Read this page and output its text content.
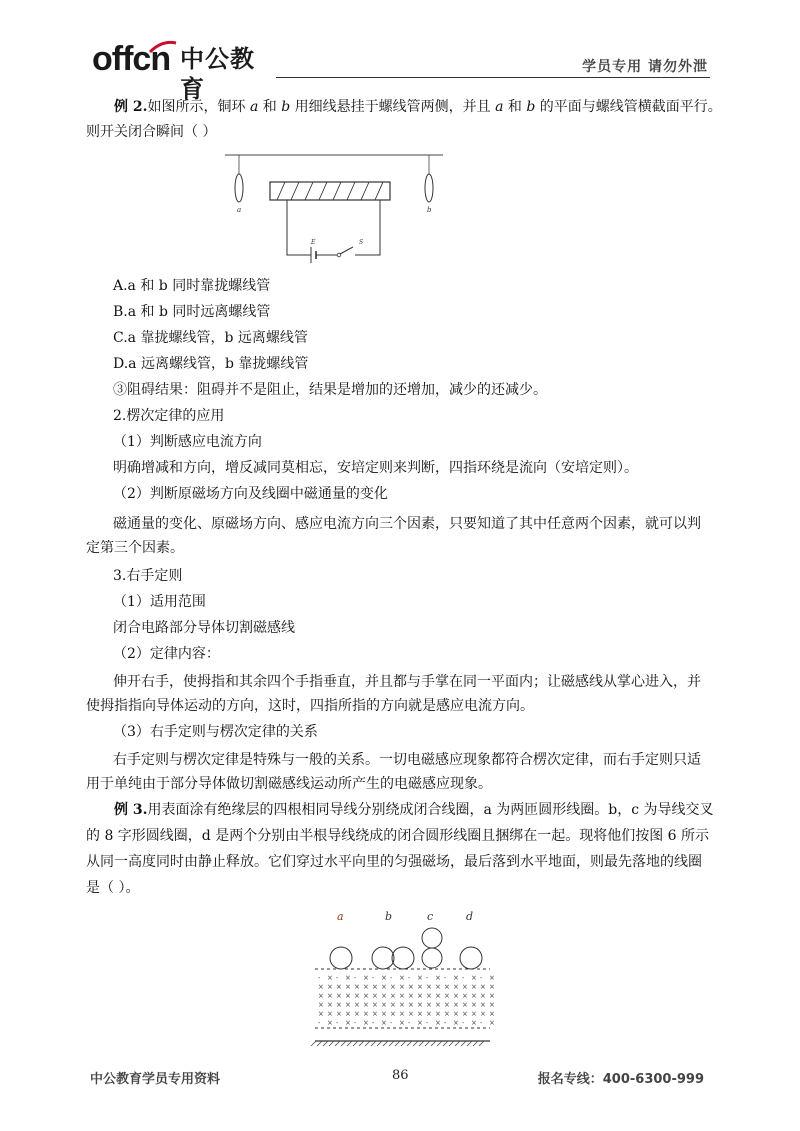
offcn 中公教育
学员专用 请勿外泄
例 2.如图所示，铜环 a 和 b 用细线悬挂于螺线管两侧，并且 a 和 b 的平面与螺线管横截面平行。
则开关闭合瞬间（ ）
a	b
E	S
A.a 和 b 同时靠拢螺线管
B.a 和 b 同时远离螺线管
C.a 靠拢螺线管，b 远离螺线管
D.a 远离螺线管，b 靠拢螺线管
③阻碍结果：阻碍并不是阻止，结果是增加的还增加，减少的还减少。
2.楞次定律的应用
（1）判断感应电流方向
明确增减和方向，增反减同莫相忘，安培定则来判断，四指环绕是流向（安培定则）。
（2）判断原磁场方向及线圈中磁通量的变化
磁通量的变化、原磁场方向、感应电流方向三个因素，只要知道了其中任意两个因素，就可以判
定第三个因素。
3.右手定则
（1）适用范围
闭合电路部分导体切割磁感线
（2）定律内容：
伸开右手，使拇指和其余四个手指垂直，并且都与手掌在同一平面内；让磁感线从掌心进入，并
使拇指指向导体运动的方向，这时，四指所指的方向就是感应电流方向。
（3）右手定则与楞次定律的关系
右手定则与楞次定律是特殊与一般的关系。一切电磁感应现象都符合楞次定律，而右手定则只适
用于单纯由于部分导体做切割磁感线运动所产生的电磁感应现象。
例 3.用表面涂有绝缘层的四根相同导线分别绕成闭合线圈，a 为两匝圆形线圈。b，c 为导线交叉
的 8 字形圆线圈，d 是两个分别由半根导线绕成的闭合圆形线圈且捆绑在一起。现将他们按图 6 所示
从同一高度同时由静止释放。它们穿过水平向里的匀强磁场，最后落到水平地面，则最先落地的线圈
是（ ）。
a	b	c	d
- × - × - × - × - × - × - × - × - × - ×
× × × × × × × × × × × × × × × × × × × ×
× × × × × × × × × × × × × × × × × × × ×
× × × × × × × × × × × × × × × × × × × ×
× × × × × × × × × × × × × × × × × × × ×
- × - × - × - × - × - × - × - × - × - ×
中公教育学员专用资料	86	报名专线：400-6300-999
